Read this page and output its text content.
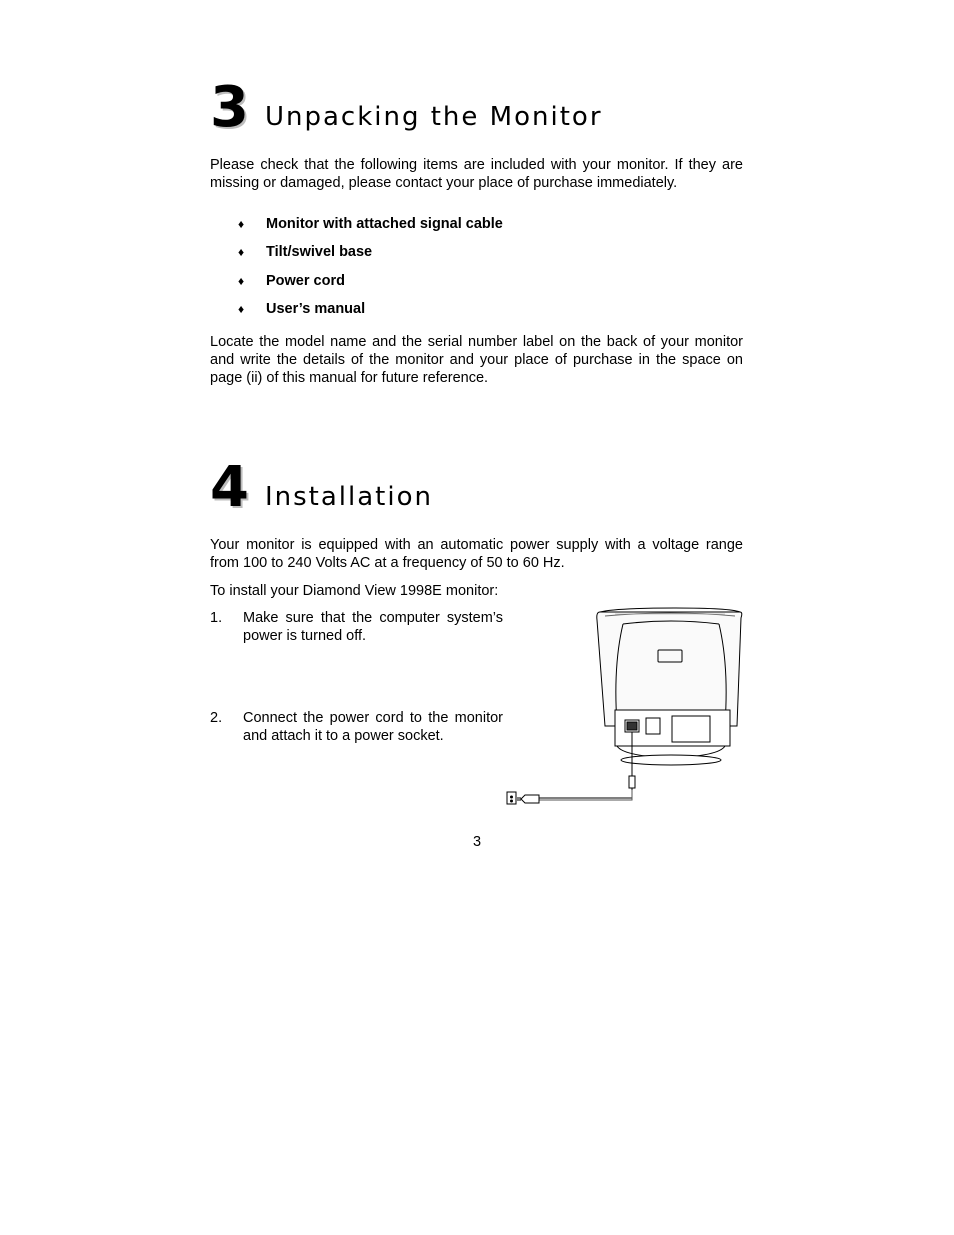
3 Unpacking the Monitor

Please check that the following items are included with your monitor. If they are missing or damaged, please contact your place of purchase immediately.

♦	Monitor with attached signal cable
♦	Tilt/swivel base
♦	Power cord
♦	User’s manual

Locate the model name and the serial number label on the back of your monitor and write the details of the monitor and your place of purchase in the space on page (ii) of this manual for future reference.

4 Installation

Your monitor is equipped with an automatic power supply with a voltage range from 100 to 240 Volts AC at a frequency of 50 to 60 Hz.

To install your Diamond View 1998E monitor:

1.	Make sure that the computer system’s power is turned off.
2.	Connect the power cord to the monitor and attach it to a power socket.
3
